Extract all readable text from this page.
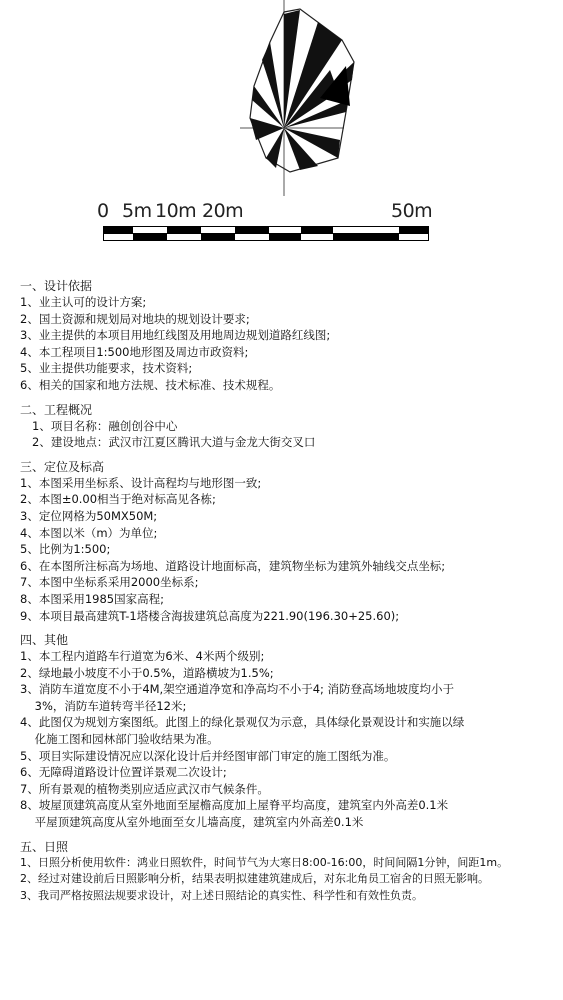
0 5m 10m 20m	50m

一、设计依据

1、业主认可的设计方案;

2、国土资源和规划局对地块的规划设计要求;

3、业主提供的本项目用地红线图及用地周边规划道路红线图;

4、本工程项目1:500地形图及周边市政资料;

5、业主提供功能要求，技术资料;

6、相关的国家和地方法规、技术标准、技术规程。

二、工程概况

1、项目名称：融创创谷中心

2、建设地点：武汉市江夏区腾讯大道与金龙大街交叉口

三、定位及标高

1、本图采用坐标系、设计高程均与地形图一致;

2、本图±0.00相当于绝对标高见各栋;

3、定位网格为50MX50M;

4、本图以米（m）为单位;

5、比例为1:500;

6、在本图所注标高为场地、道路设计地面标高，建筑物坐标为建筑外轴线交点坐标;

7、本图中坐标系采用2000坐标系;

8、本图采用1985国家高程;

9、本项目最高建筑T-1塔楼含海拔建筑总高度为221.90(196.30+25.60);

四、其他

1、本工程内道路车行道宽为6米、4米两个级别;

2、绿地最小坡度不小于0.5%，道路横坡为1.5%;

3、消防车道宽度不小于4M,架空通道净宽和净高均不小于4; 消防登高场地坡度均小于

3%，消防车道转弯半径12米;

4、此图仅为规划方案图纸。此图上的绿化景观仅为示意，具体绿化景观设计和实施以绿

化施工图和园林部门验收结果为准。

5、项目实际建设情况应以深化设计后并经图审部门审定的施工图纸为准。

6、无障碍道路设计位置详景观二次设计;

7、所有景观的植物类别应适应武汉市气候条件。

8、坡屋顶建筑高度从室外地面至屋檐高度加上屋脊平均高度，建筑室内外高差0.1米

平屋顶建筑高度从室外地面至女儿墙高度，建筑室内外高差0.1米

五、日照

1、日照分析使用软件：鸿业日照软件，时间节气为大寒日8:00-16:00，时间间隔1分钟，间距1m。

2、经过对建设前后日照影响分析，结果表明拟建建筑建成后，对东北角员工宿舍的日照无影响。

3、我司严格按照法规要求设计，对上述日照结论的真实性、科学性和有效性负责。
